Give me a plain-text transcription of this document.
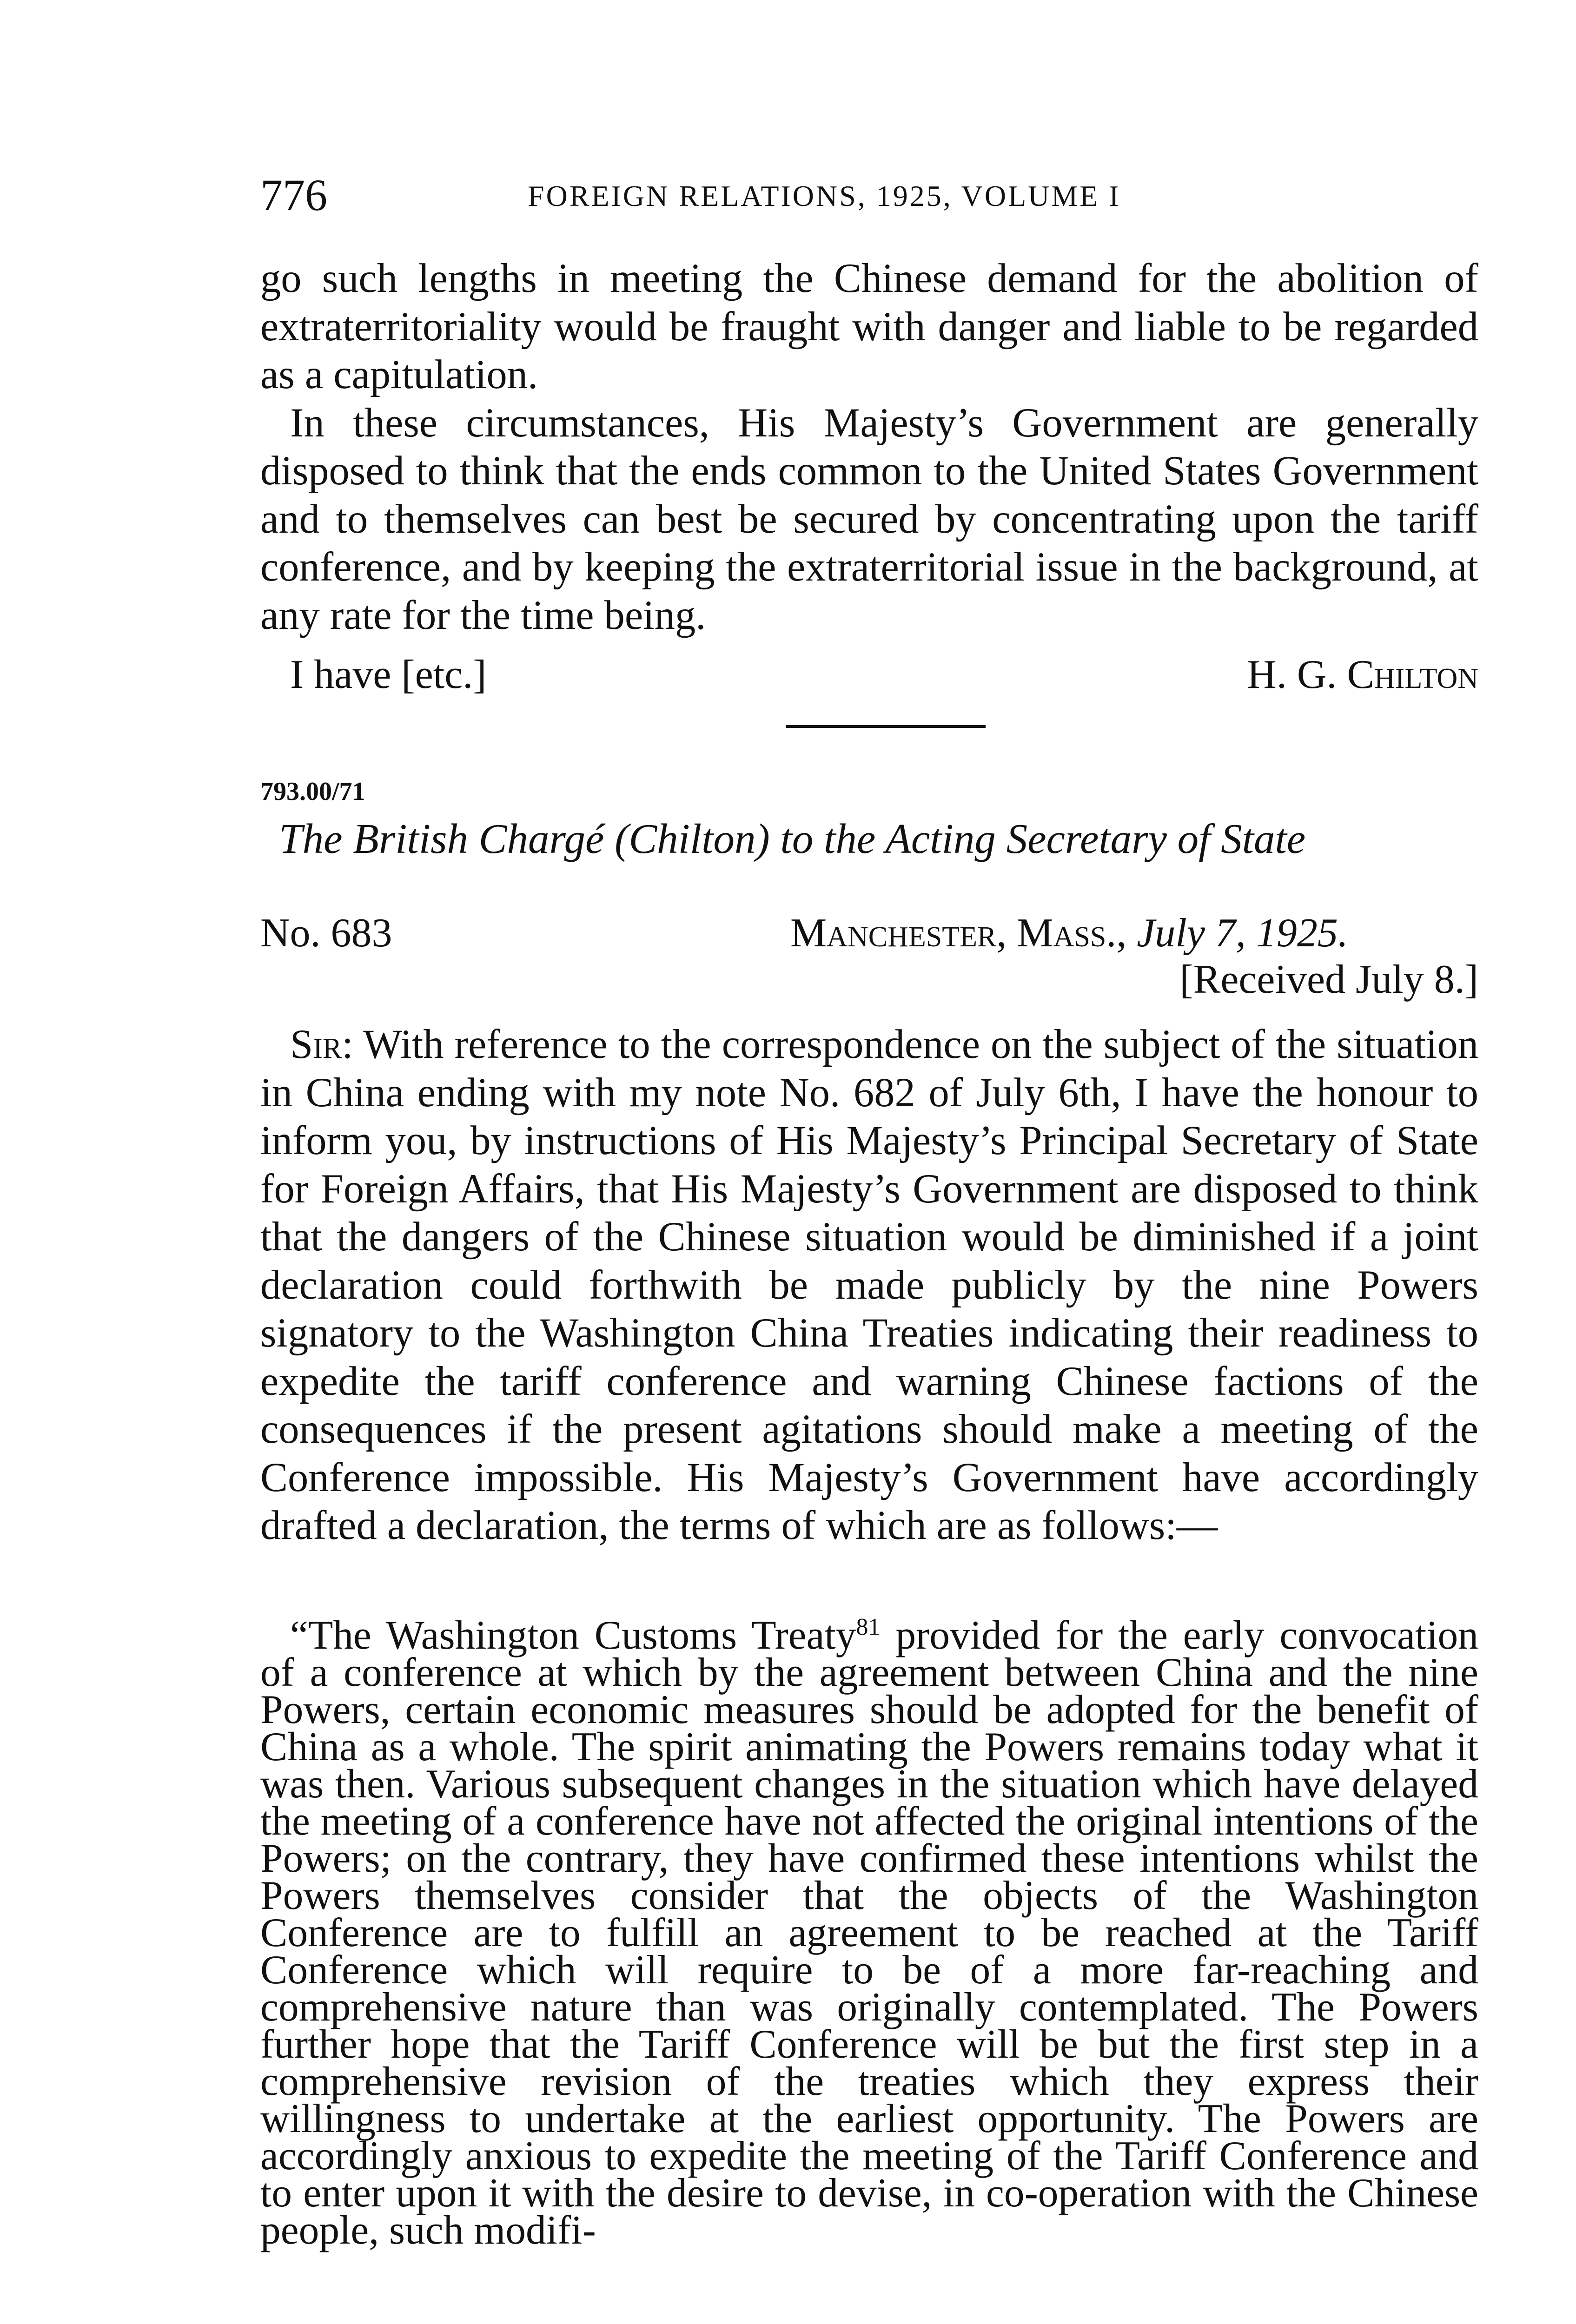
776	FOREIGN RELATIONS, 1925, VOLUME I

go such lengths in meeting the Chinese demand for the abolition of extraterritoriality would be fraught with danger and liable to be regarded as a capitulation.

In these circumstances, His Majesty’s Government are generally disposed to think that the ends common to the United States Government and to themselves can best be secured by concentrating upon the tariff conference, and by keeping the extraterritorial issue in the background, at any rate for the time being.

I have [etc.]	H. G. Chilton
793.00/71
The British Chargé (Chilton) to the Acting Secretary of State
No. 683	Manchester, Mass., July 7, 1925.
[Received July 8.]

Sir: With reference to the correspondence on the subject of the situation in China ending with my note No. 682 of July 6th, I have the honour to inform you, by instructions of His Majesty’s Principal Secretary of State for Foreign Affairs, that His Majesty’s Government are disposed to think that the dangers of the Chinese situation would be diminished if a joint declaration could forthwith be made publicly by the nine Powers signatory to the Washington China Treaties indicating their readiness to expedite the tariff conference and warning Chinese factions of the consequences if the present agitations should make a meeting of the Conference impossible. His Majesty’s Government have accordingly drafted a declaration, the terms of which are as follows:—

“The Washington Customs Treaty$^{81}$ provided for the early convocation of a conference at which by the agreement between China and the nine Powers, certain economic measures should be adopted for the benefit of China as a whole. The spirit animating the Powers remains today what it was then. Various subsequent changes in the situation which have delayed the meeting of a conference have not affected the original intentions of the Powers; on the contrary, they have confirmed these intentions whilst the Powers themselves consider that the objects of the Washington Conference are to fulfill an agreement to be reached at the Tariff Conference which will require to be of a more far-reaching and comprehensive nature than was originally contemplated. The Powers further hope that the Tariff Conference will be but the first step in a comprehensive revision of the treaties which they express their willingness to undertake at the earliest opportunity. The Powers are accordingly anxious to expedite the meeting of the Tariff Conference and to enter upon it with the desire to devise, in co-operation with the Chinese people, such modifi-
